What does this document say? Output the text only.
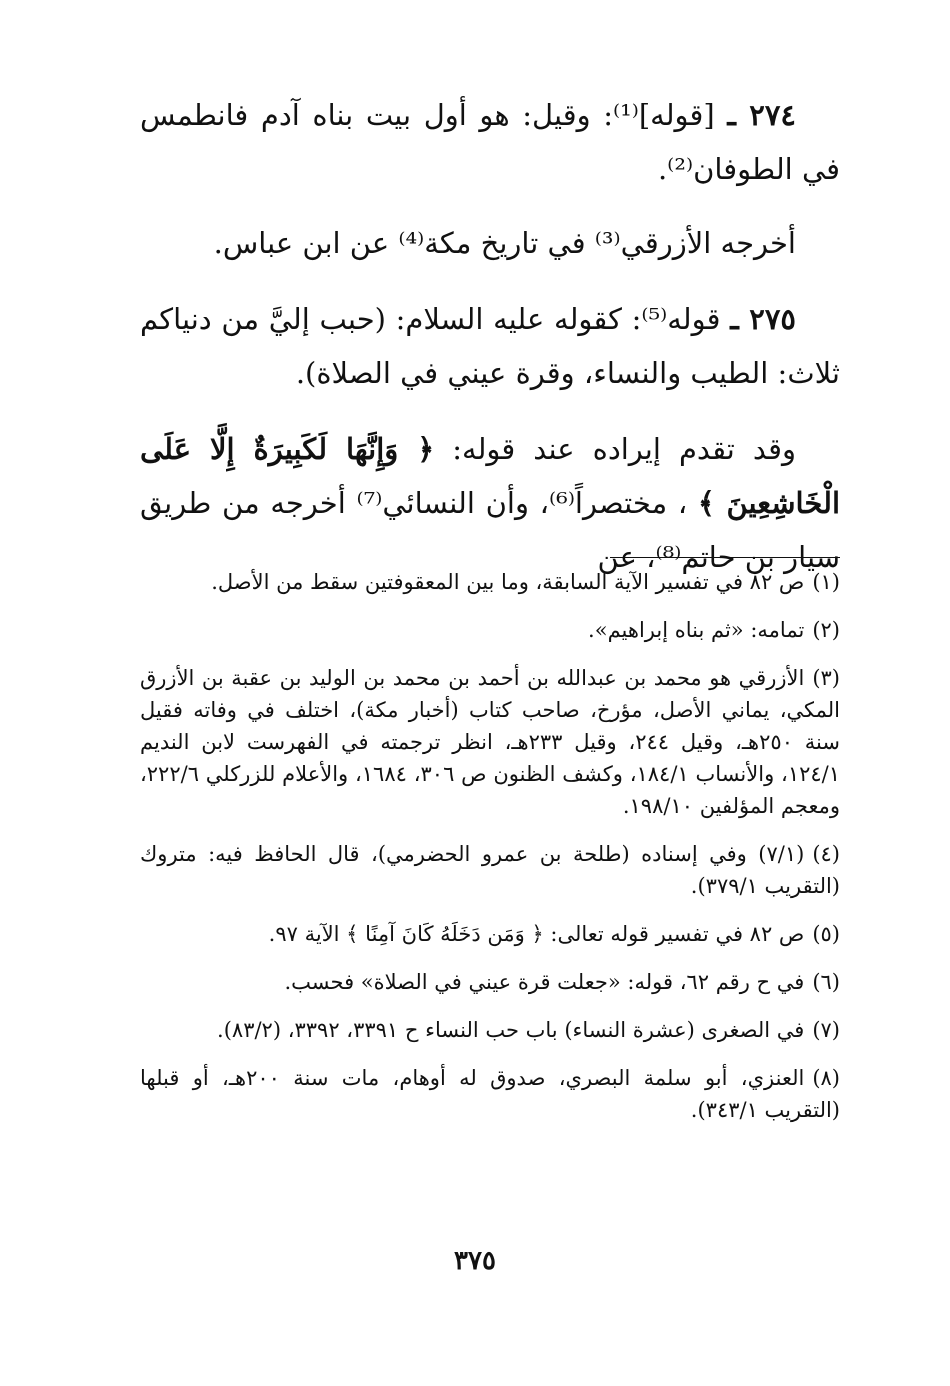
٢٧٤ ـ [قوله]⁽¹⁾: وقيل: هو أول بيت بناه آدم فانطمس في الطوفان⁽²⁾.

أخرجه الأزرقي⁽³⁾ في تاريخ مكة⁽⁴⁾ عن ابن عباس.

٢٧٥ ـ قوله⁽⁵⁾: كقوله عليه السلام: (حبب إليَّ من دنياكم ثلاث: الطيب والنساء، وقرة عيني في الصلاة).

وقد تقدم إيراده عند قوله: ﴿ وَإِنَّهَا لَكَبِيرَةٌ إِلَّا عَلَى الْخَاشِعِينَ ﴾ ، مختصراً⁽⁶⁾، وأن النسائي⁽⁷⁾ أخرجه من طريق سيار بن حاتم⁽⁸⁾، عن

(١)ص ٨٢ في تفسير الآية السابقة، وما بين المعقوفتين سقط من الأصل.

(٢)تمامه: «ثم بناه إبراهيم».

(٣)الأزرقي هو محمد بن عبدالله بن أحمد بن محمد بن الوليد بن عقبة بن الأزرق المكي، يماني الأصل، مؤرخ، صاحب كتاب (أخبار مكة)، اختلف في وفاته فقيل سنة ٢٥٠هـ، وقيل ٢٤٤، وقيل ٢٣٣هـ، انظر ترجمته في الفهرست لابن النديم ١٢٤/١، والأنساب ١٨٤/١، وكشف الظنون ص ٣٠٦، ١٦٨٤، والأعلام للزركلي ٢٢٢/٦، ومعجم المؤلفين ١٩٨/١٠.

(٤)(٧/١) وفي إسناده (طلحة بن عمرو الحضرمي)، قال الحافظ فيه: متروك (التقريب ٣٧٩/١).

(٥)ص ٨٢ في تفسير قوله تعالى: ﴿ وَمَن دَخَلَهُ كَانَ آمِنًا ﴾ الآية ٩٧.

(٦)في ح رقم ٦٢، قوله: «جعلت قرة عيني في الصلاة» فحسب.

(٧)في الصغرى (عشرة النساء) باب حب النساء ح ٣٣٩١، ٣٣٩٢، (٨٣/٢).

(٨)العنزي، أبو سلمة البصري، صدوق له أوهام، مات سنة ٢٠٠هـ، أو قبلها (التقريب ٣٤٣/١).

٣٧٥
